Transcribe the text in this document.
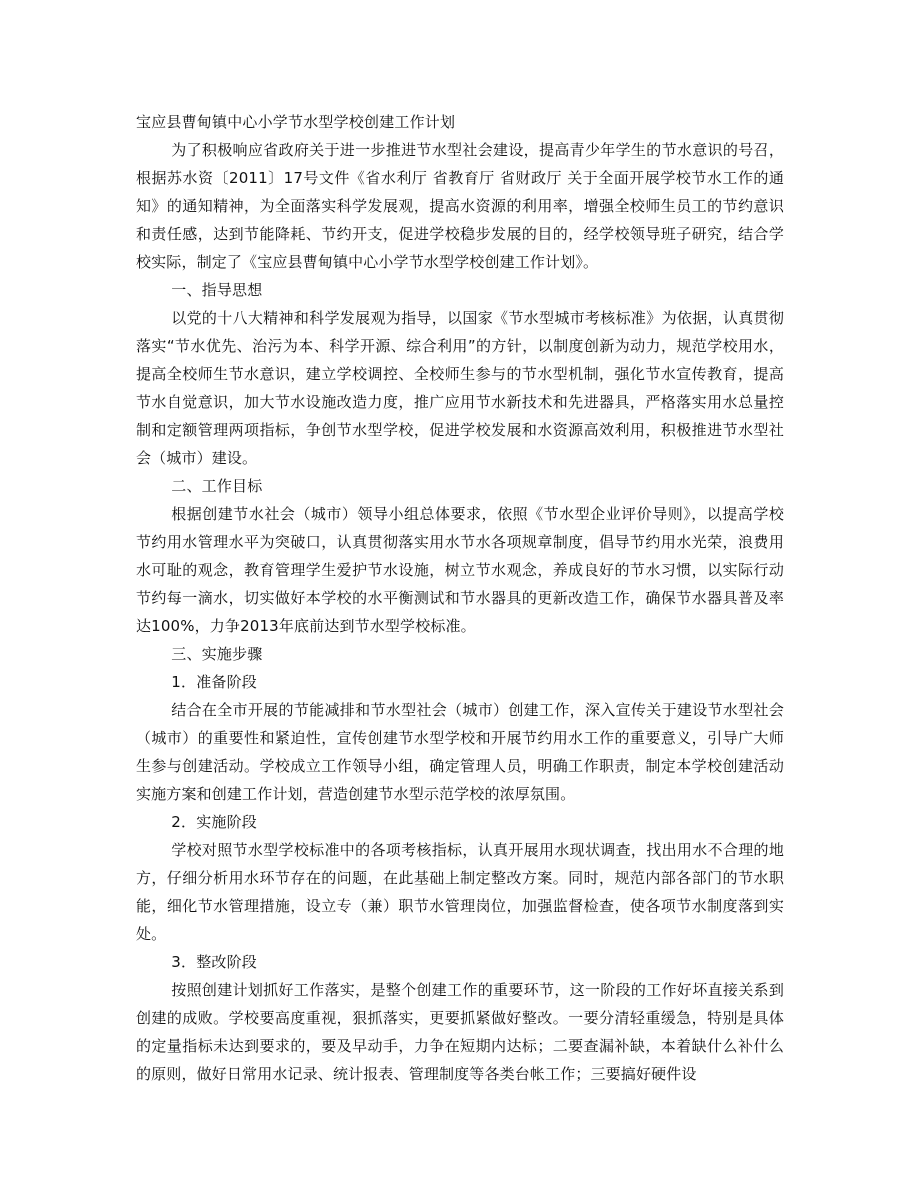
宝应县曹甸镇中心小学节水型学校创建工作计划

为了积极响应省政府关于进一步推进节水型社会建设，提高青少年学生的节水意识的号召，根据苏水资〔2011〕17号文件《省水利厅 省教育厅 省财政厅 关于全面开展学校节水工作的通知》的通知精神，为全面落实科学发展观，提高水资源的利用率，增强全校师生员工的节约意识和责任感，达到节能降耗、节约开支，促进学校稳步发展的目的，经学校领导班子研究，结合学校实际，制定了《宝应县曹甸镇中心小学节水型学校创建工作计划》。

一、指导思想

以党的十八大精神和科学发展观为指导，以国家《节水型城市考核标准》为依据，认真贯彻落实“节水优先、治污为本、科学开源、综合利用”的方针，以制度创新为动力，规范学校用水，提高全校师生节水意识，建立学校调控、全校师生参与的节水型机制，强化节水宣传教育，提高节水自觉意识，加大节水设施改造力度，推广应用节水新技术和先进器具，严格落实用水总量控制和定额管理两项指标，争创节水型学校，促进学校发展和水资源高效利用，积极推进节水型社会（城市）建设。

二、工作目标

根据创建节水社会（城市）领导小组总体要求，依照《节水型企业评价导则》，以提高学校节约用水管理水平为突破口，认真贯彻落实用水节水各项规章制度，倡导节约用水光荣，浪费用水可耻的观念，教育管理学生爱护节水设施，树立节水观念，养成良好的节水习惯，以实际行动节约每一滴水，切实做好本学校的水平衡测试和节水器具的更新改造工作，确保节水器具普及率达100%，力争2013年底前达到节水型学校标准。

三、实施步骤

1．准备阶段

结合在全市开展的节能减排和节水型社会（城市）创建工作，深入宣传关于建设节水型社会（城市）的重要性和紧迫性，宣传创建节水型学校和开展节约用水工作的重要意义，引导广大师生参与创建活动。学校成立工作领导小组，确定管理人员，明确工作职责，制定本学校创建活动实施方案和创建工作计划，营造创建节水型示范学校的浓厚氛围。

2．实施阶段

学校对照节水型学校标准中的各项考核指标，认真开展用水现状调查，找出用水不合理的地方，仔细分析用水环节存在的问题，在此基础上制定整改方案。同时，规范内部各部门的节水职能，细化节水管理措施，设立专（兼）职节水管理岗位，加强监督检查，使各项节水制度落到实处。

3．整改阶段

按照创建计划抓好工作落实，是整个创建工作的重要环节，这一阶段的工作好坏直接关系到创建的成败。学校要高度重视，狠抓落实，更要抓紧做好整改。一要分清轻重缓急，特别是具体的定量指标未达到要求的，要及早动手，力争在短期内达标；二要查漏补缺，本着缺什么补什么的原则，做好日常用水记录、统计报表、管理制度等各类台帐工作；三要搞好硬件设
